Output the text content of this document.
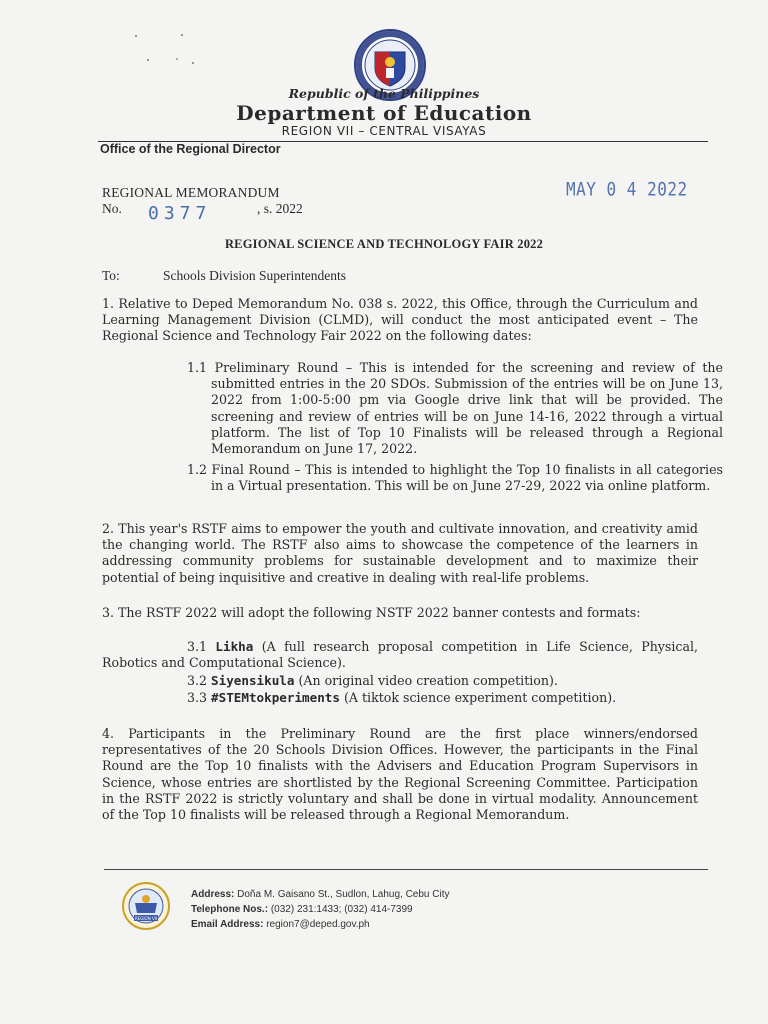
Republic of the Philippines
Department of Education
REGION VII – CENTRAL VISAYAS
Office of the Regional Director
REGIONAL MEMORANDUM
No. 0377	, s. 2022
MAY 0 4 2022
REGIONAL SCIENCE AND TECHNOLOGY FAIR 2022
To:	Schools Division Superintendents
1. Relative to Deped Memorandum No. 038 s. 2022, this Office, through the Curriculum and Learning Management Division (CLMD), will conduct the most anticipated event – The Regional Science and Technology Fair 2022 on the following dates:
1.1 Preliminary Round – This is intended for the screening and review of the submitted entries in the 20 SDOs. Submission of the entries will be on June 13, 2022 from 1:00-5:00 pm via Google drive link that will be provided. The screening and review of entries will be on June 14-16, 2022 through a virtual platform. The list of Top 10 Finalists will be released through a Regional Memorandum on June 17, 2022.
1.2 Final Round – This is intended to highlight the Top 10 finalists in all categories in a Virtual presentation. This will be on June 27-29, 2022 via online platform.
2. This year's RSTF aims to empower the youth and cultivate innovation, and creativity amid the changing world. The RSTF also aims to showcase the competence of the learners in addressing community problems for sustainable development and to maximize their potential of being inquisitive and creative in dealing with real-life problems.
3. The RSTF 2022 will adopt the following NSTF 2022 banner contests and formats:
3.1 Likha (A full research proposal competition in Life Science, Physical, Robotics and Computational Science).
3.2 Siyensikula (An original video creation competition).
3.3 #STEMtokperiments (A tiktok science experiment competition).
4. Participants in the Preliminary Round are the first place winners/endorsed representatives of the 20 Schools Division Offices. However, the participants in the Final Round are the Top 10 finalists with the Advisers and Education Program Supervisors in Science, whose entries are shortlisted by the Regional Screening Committee. Participation in the RSTF 2022 is strictly voluntary and shall be done in virtual modality. Announcement of the Top 10 finalists will be released through a Regional Memorandum.
REGION VII
Address: Doña M. Gaisano St., Sudlon, Lahug, Cebu City
Telephone Nos.: (032) 231:1433; (032) 414-7399
Email Address: region7@deped.gov.ph
